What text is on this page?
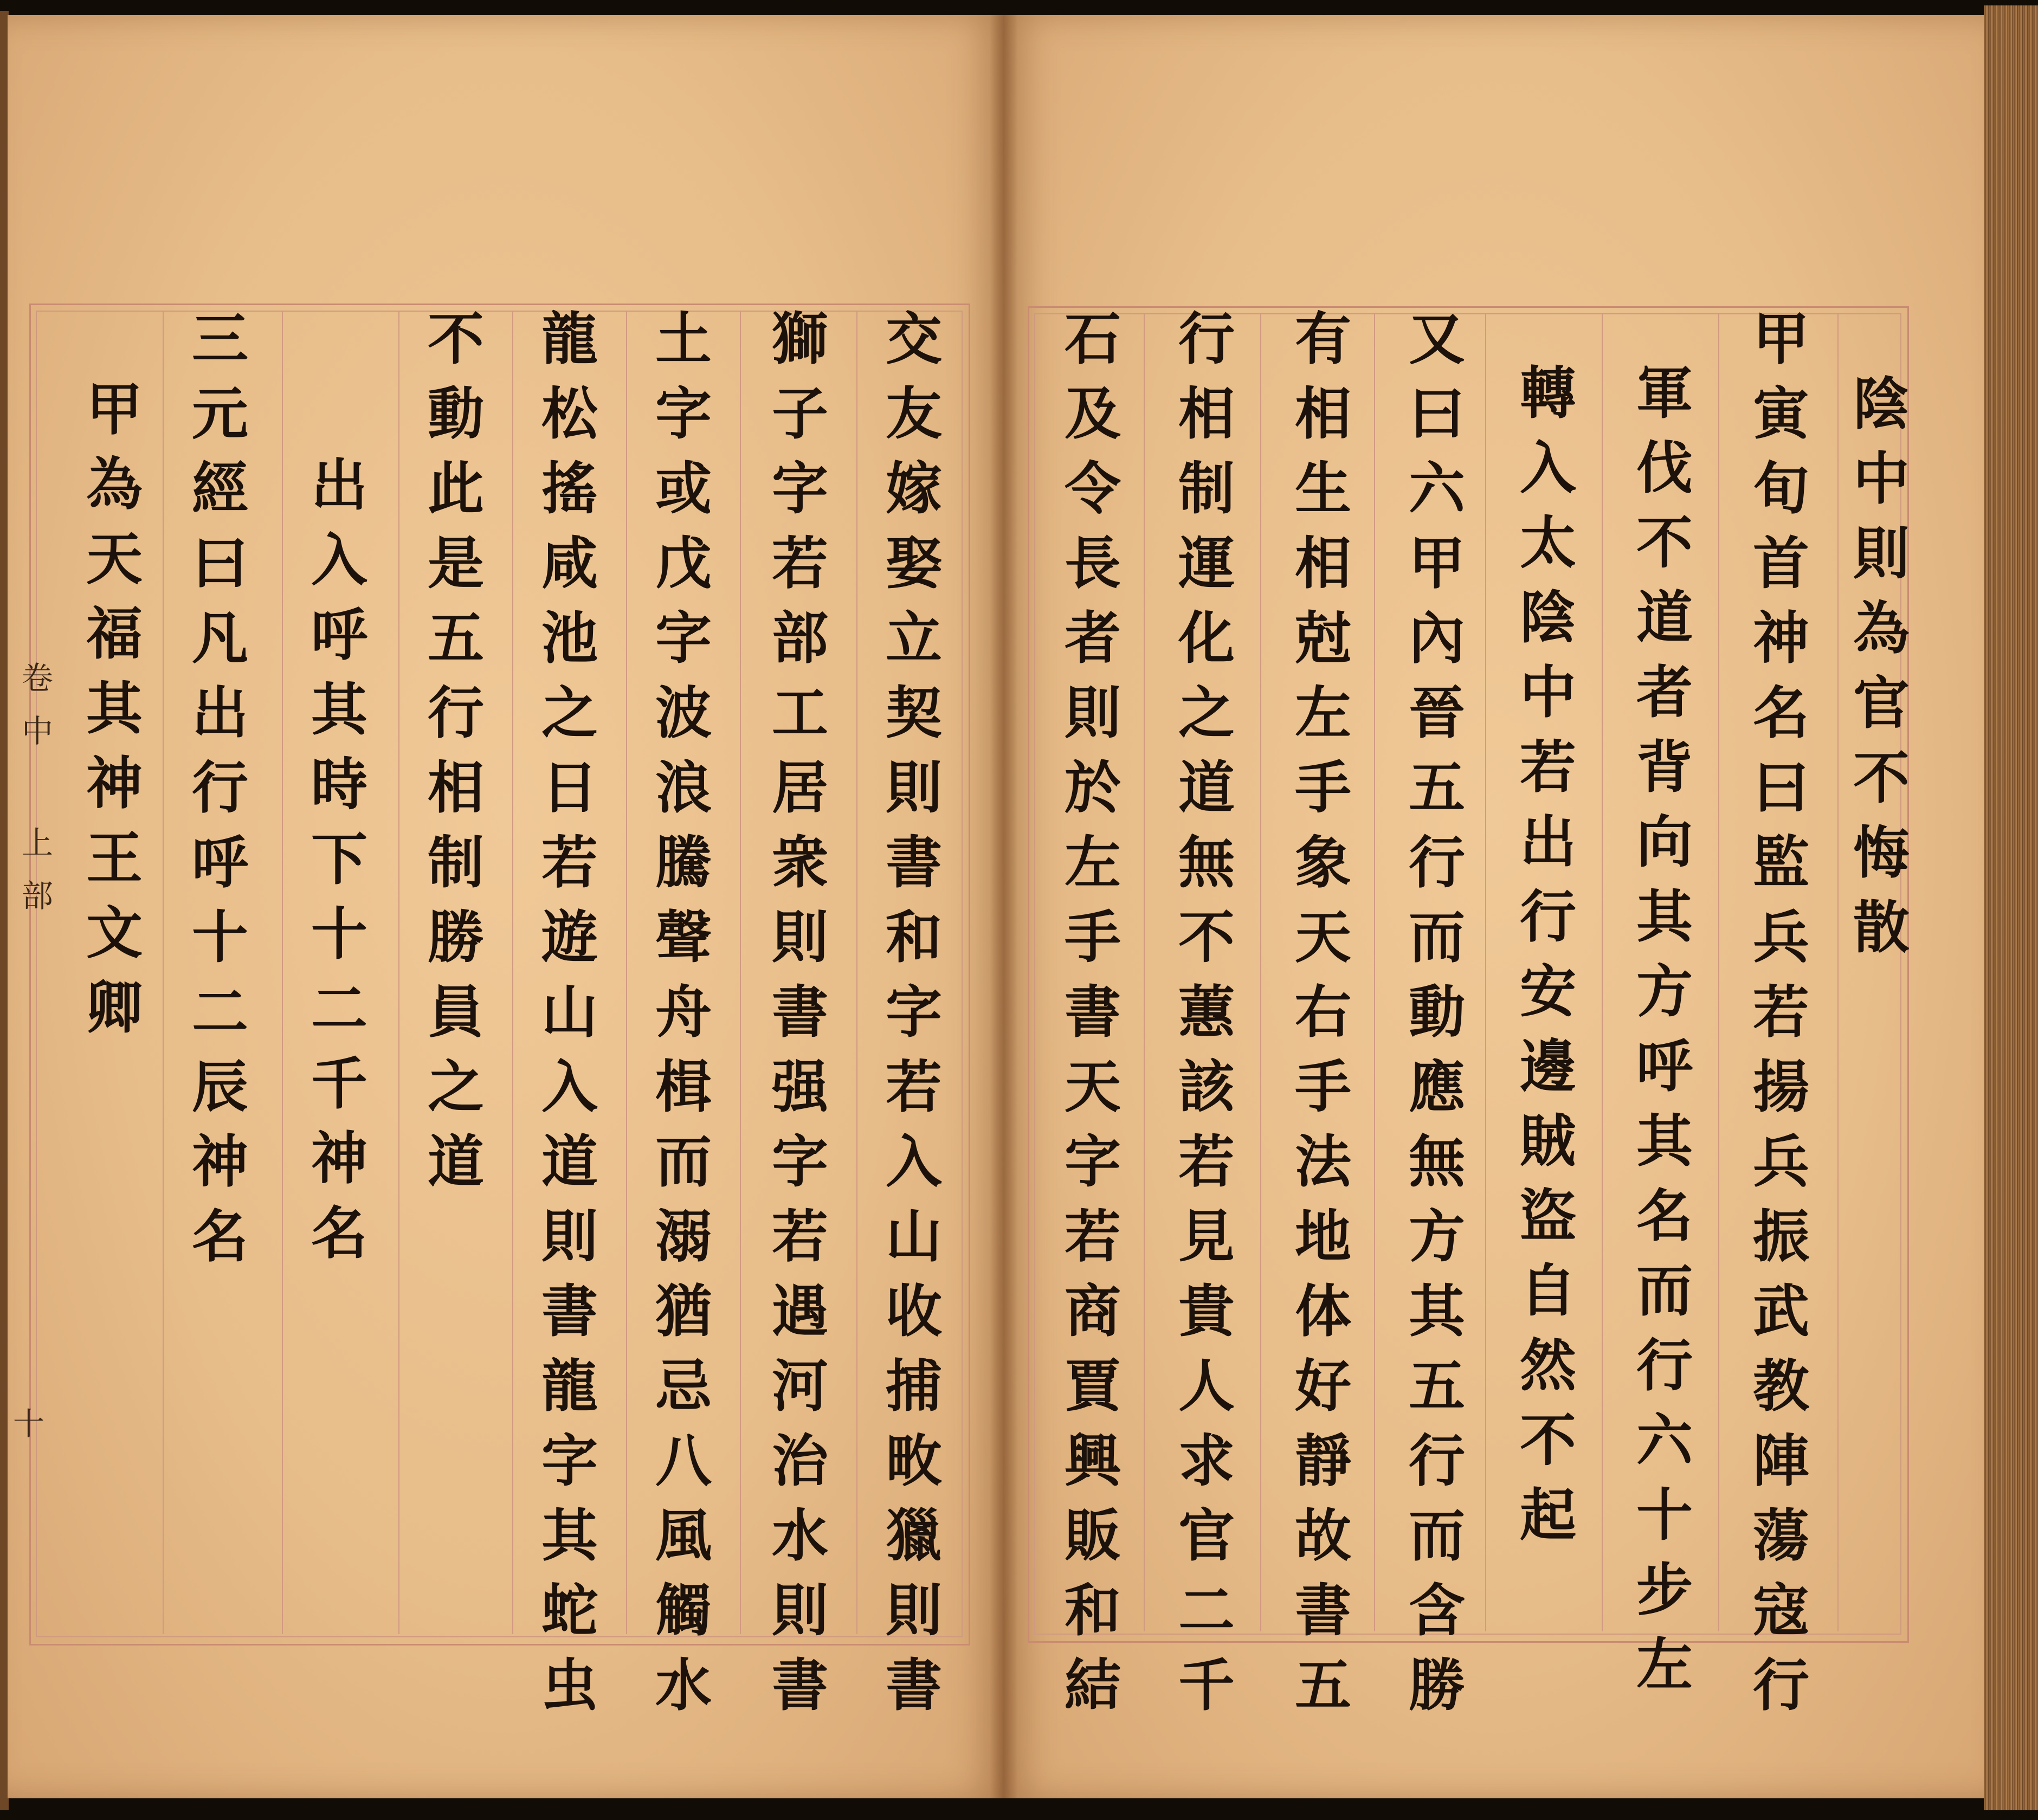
陰中則為官不悔散
甲寅旬首神名曰監兵若揚兵振武教陣蕩寇行
軍伐不道者背向其方呼其名而行六十步左
轉入太陰中若出行安邊賊盜自然不起
又曰六甲內晉五行而動應無方其五行而含勝
有相生相尅左手象天右手法地体好靜故書五
行相制運化之道無不蕙該若見貴人求官二千
石及令長者則於左手書天字若商賈興販和結
交友嫁娶立契則書和字若入山收捕畋獵則書
獅子字若部工居衆則書强字若遇河治水則書
土字或戊字波浪騰聲舟楫而溺猶忌八風觸水
龍松搖咸池之日若遊山入道則書龍字其蛇虫
不動此是五行相制勝員之道
出入呼其時下十二千神名
三元經曰凡出行呼十二辰神名
甲為天福其神王文卿
卷中 上部
十
